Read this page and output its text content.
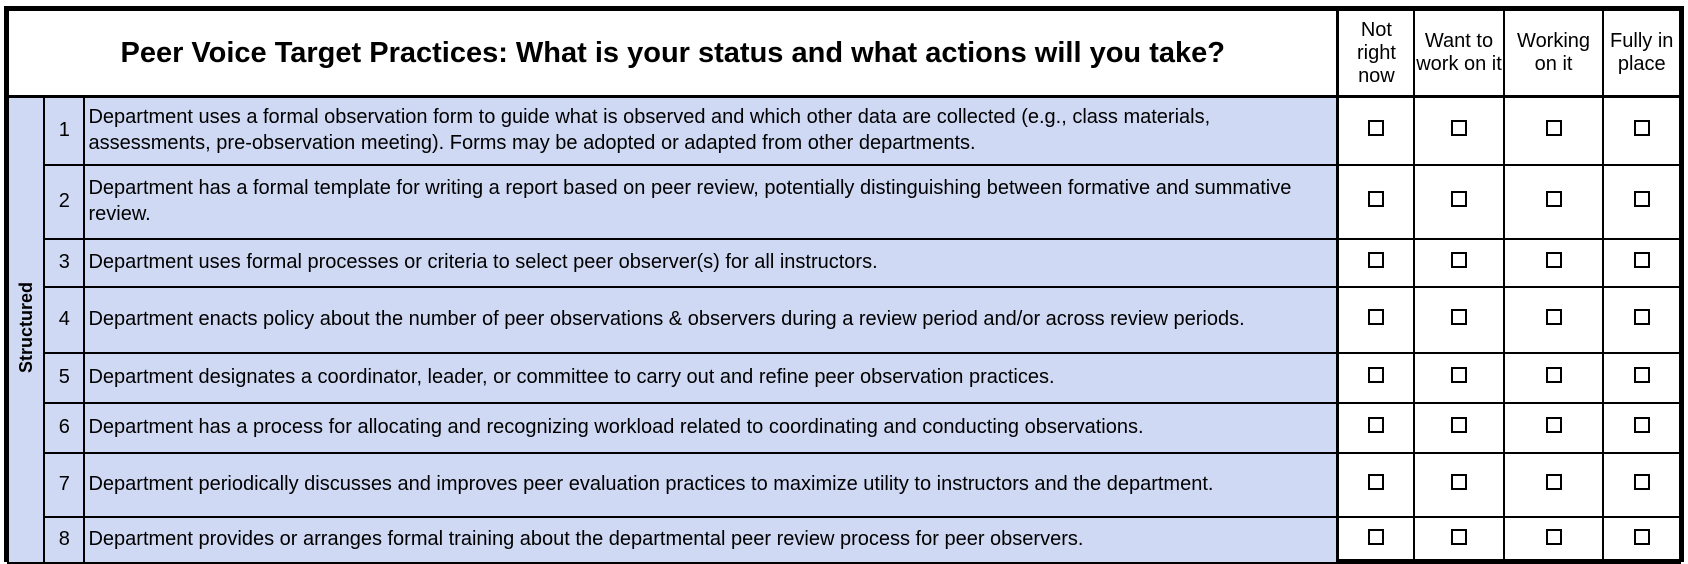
Peer Voice Target Practices: What is your status and what actions will you take?			Not right now	Want to work on it	Working on it	Fully in place
Structured	1	Department uses a formal observation form to guide what is observed and which other data are collected (e.g., class materials, assessments, pre-observation meeting). Forms may be adopted or adapted from other departments.				
	2	Department has a formal template for writing a report based on peer review, potentially distinguishing between formative and summative review.				
	3	Department uses formal processes or criteria to select peer observer(s) for all instructors.				
	4	Department enacts policy about the number of peer observations & observers during a review period and/or across review periods.				
	5	Department designates a coordinator, leader, or committee to carry out and refine peer observation practices.				
	6	Department has a process for allocating and recognizing workload related to coordinating and conducting observations.				
	7	Department periodically discusses and improves peer evaluation practices to maximize utility to instructors and the department.				
	8	Department provides or arranges formal training about the departmental peer review process for peer observers.				
